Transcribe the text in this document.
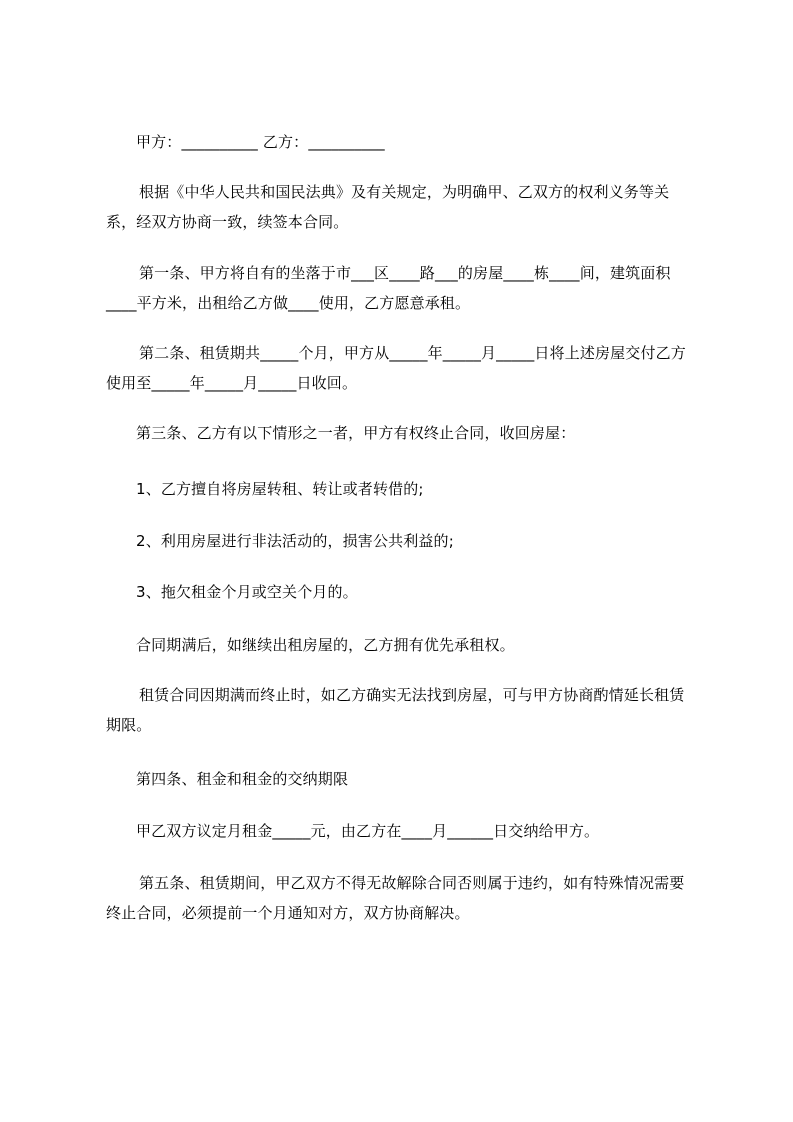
甲方：__________ 乙方：__________

根据《中华人民共和国民法典》及有关规定，为明确甲、乙双方的权利义务等关系，经双方协商一致，续签本合同。

第一条、甲方将自有的坐落于市___区____路___的房屋____栋____间，建筑面积____平方米，出租给乙方做____使用，乙方愿意承租。

第二条、租赁期共_____个月，甲方从_____年_____月_____日将上述房屋交付乙方使用至_____年_____月_____日收回。

第三条、乙方有以下情形之一者，甲方有权终止合同，收回房屋：

1、乙方擅自将房屋转租、转让或者转借的;

2、利用房屋进行非法活动的，损害公共利益的;

3、拖欠租金个月或空关个月的。

合同期满后，如继续出租房屋的，乙方拥有优先承租权。

租赁合同因期满而终止时，如乙方确实无法找到房屋，可与甲方协商酌情延长租赁期限。

第四条、租金和租金的交纳期限

甲乙双方议定月租金_____元，由乙方在____月______日交纳给甲方。

第五条、租赁期间，甲乙双方不得无故解除合同否则属于违约，如有特殊情况需要终止合同，必须提前一个月通知对方，双方协商解决。
